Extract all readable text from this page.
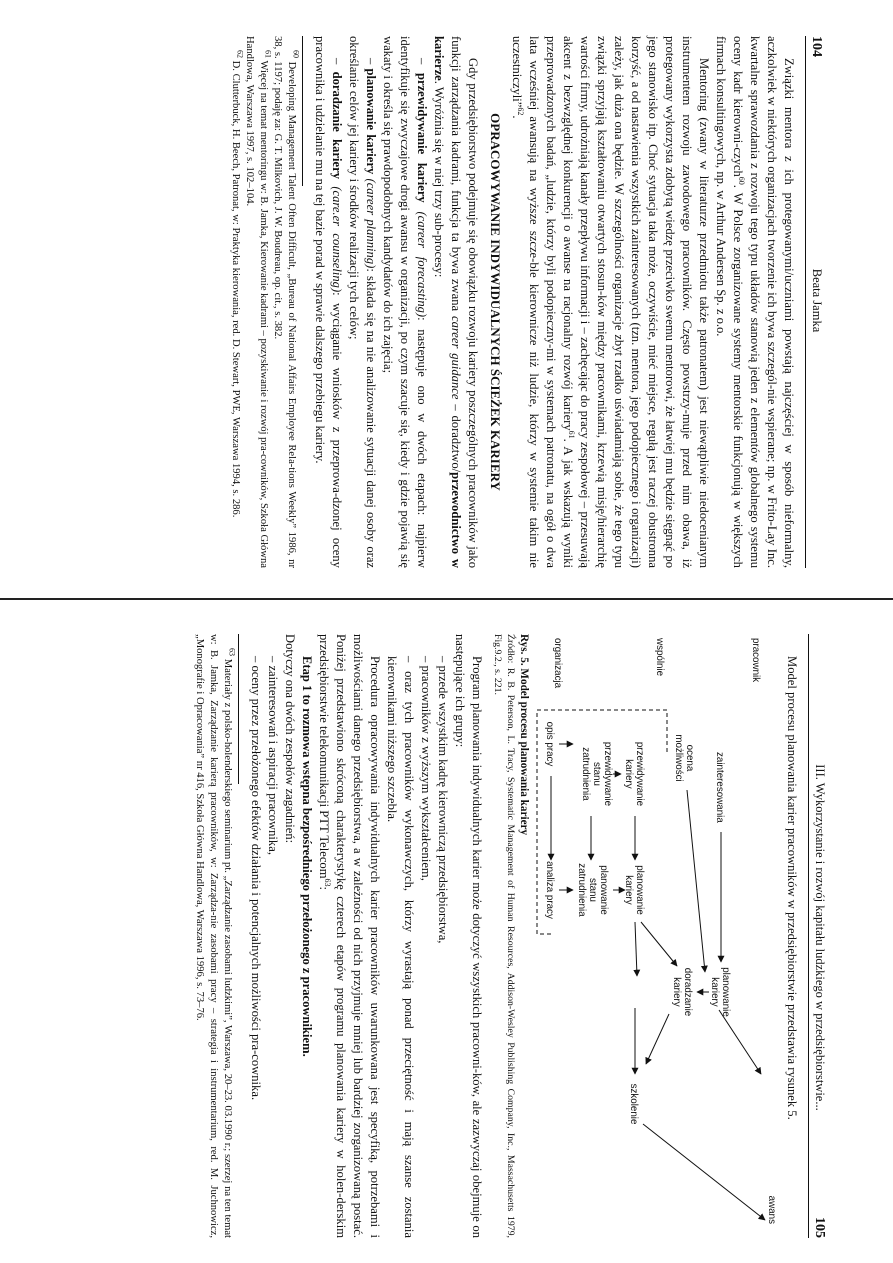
104
Beata Jamka

Związki mentora z ich protegowanymi/uczniami powstają najczęściej w sposób nieformalny, aczkolwiek w niektórych organizacjach tworzenie ich bywa szczegól-nie wspierane; np. w Frito-Lay Inc. kwartalne sprawozdania z rozwoju tego typu układów stanowią jeden z elementów globalnego systemu oceny kadr kierowni-czych$^{60}$. W Polsce zorganizowane systemy mentorskie funkcjonują w większych firmach konsultingowych, np. w Arthur Andersen Sp. z o.o.

Mentoring (zwany w literaturze przedmiotu także patronatem) jest niewątpliwie niedocenianym instrumentem rozwoju zawodowego pracowników. Często powstrzy-muje przed nim obawa, iż protegowany wykorzysta zdobytą wiedzę przeciwko swemu mentorowi, że łatwiej mu będzie sięgnąć po jego stanowisko itp. Choć sytuacja taka może, oczywiście, mieć miejsce, regułą jest raczej obustronna korzyść, a od nastawienia wszystkich zainteresowanych (tzn. mentora, jego podopiecznego i organizacji) zależy, jak duża ona będzie. W szczególności organizacje zbyt rzadko uświadamiają sobie, że tego typu związki sprzyjają kształtowaniu otwartych stosun-ków między pracownikami, krzewią misję/hierarchię wartości firmy, udrożniają kanały przepływu informacji i – zachęcając do pracy zespołowej – przesuwają akcent z bezwzględnej konkurencji o awanse na racjonalny rozwój kariery$^{61}$. A jak wskazują wyniki przeprowadzonych badań, „ludzie, którzy byli podopieczny-mi w systemach patronatu, na ogół o dwa lata wcześniej awansują na wyższe szcze-ble kierownicze niż ludzie, którzy w systemie takim nie uczestniczyli”$^{62}$.

OPRACOWYWANIE INDYWIDUALNYCH ŚCIEŻEK KARIERY

Gdy przedsiębiorstwo podejmuje się obowiązku rozwoju kariery poszczególnych pracowników jako funkcji zarządzania kadrami, funkcja ta bywa zwana career guidance – doradztwo/przewodnictwo w karierze. Wyróżnia się w niej trzy sub-procesy:

– przewidywanie kariery (career forecasting): następuje ono w dwóch etapach: najpierw identyfikuje się zwyczajowe drogi awansu w organizacji, po czym szacuje się, kiedy i gdzie pojawią się wakaty i określa się prawdopodobnych kandydatów do ich zajęcia;

– planowanie kariery (career planning): składa się na nie analizowanie sytuacji danej osoby oraz określanie celów jej kariery i środków realizacji tych celów;

– doradzanie kariery (care.er counseling): wyciąganie wniosków z przeprowa-dzonej oceny pracownika i udzielanie mu na tej bazie porad w sprawie dalszego przebiegu kariery.

$^{60}$ Developing Management Talent Often Difficult, „Bureau of National Affairs Employee Rela-tions Weekly” 1986, nr 38, s. 1197; podaję za: G. T. Milkovich, J. W. Boudreau, op. cit., s. 382.

$^{61}$ Więcej na temat mentoringu w: B. Jamka, Kierowanie kadrami – pozyskiwanie i rozwój pra-cowników, Szkoła Główna Handlowa, Warszawa 1997, s. 102–104.

$^{62}$ D. Clutterbuck, H. Beech, Patronat, w: Praktyka kierowania, red. D. Stewart, PWE, Warszawa 1994, s. 286.

III. Wykorzystanie i rozwój kapitału ludzkiego w przedsiębiorstwie...
105

Model procesu planowania karier pracowników w przedsiębiorstwie przedstawia rysunek 5.

pracownik
wspólnie
organizacja
zainteresowania
ocenamożliwości
przewidywaniekariery
przewidywaniestanuzatrudnienia
opis pracy
planowaniekariery
planowaniestanuzatrudnienia
analiza pracy
planowaniekariery
doradzaniekariery
szkolenie
awans

Rys. 5. Model procesu planowania kariery

Źródło: R. B. Peterson, L. Tracy, Systematic Management of Human Resources, Addison-Wesley Publishing Company, Inc., Massachusetts 1979, Fig.9.2., s. 221.

Program planowania indywidualnych karier może dotyczyć wszystkich pracowni-ków, ale zazwyczaj obejmuje on następujące ich grupy:

– przede wszystkim kadrę kierowniczą przedsiębiorstwa,

– pracowników z wyższym wykształceniem,

– oraz tych pracowników wykonawczych, którzy wyrastają ponad przeciętność i mają szanse zostania kierownikami niższego szczebla.

Procedura opracowywania indywidualnych karier pracowników uwarunkowana jest specyfiką, potrzebami i możliwościami danego przedsiębiorstwa, a w zależności od nich przyjmuje mniej lub bardziej zorganizowaną postać. Poniżej przedstawiono skróconą charakterystykę czterech etapów programu planowania kariery w holen-derskim przedsiębiorstwie telekomunikacji PTT Telecom$^{63}$:

Etap 1 to rozmowa wstępna bezpośredniego przełożonego z pracownikiem.

Dotyczy ona dwóch zespołów zagadnień:

– zainteresowań i aspiracji pracownika,

– oceny przez przełożonego efektów działania i potencjalnych możliwości pra-cownika.

$^{63}$ Materiały z polsko-holenderskiego seminarium pt. „Zarządzanie zasobami ludzkimi”, Warszawa, 20–23. 03.1990 r.; szerzej na ten temat w: B. Jamka, Zarządzanie karierą pracowników, w: Zarządza-nie zasobami pracy – strategia i instrumentarium, red. M. Juchnowicz, „Monografie i Opracowania” nr 416, Szkoła Główna Handlowa, Warszawa 1996, s. 73–76.
